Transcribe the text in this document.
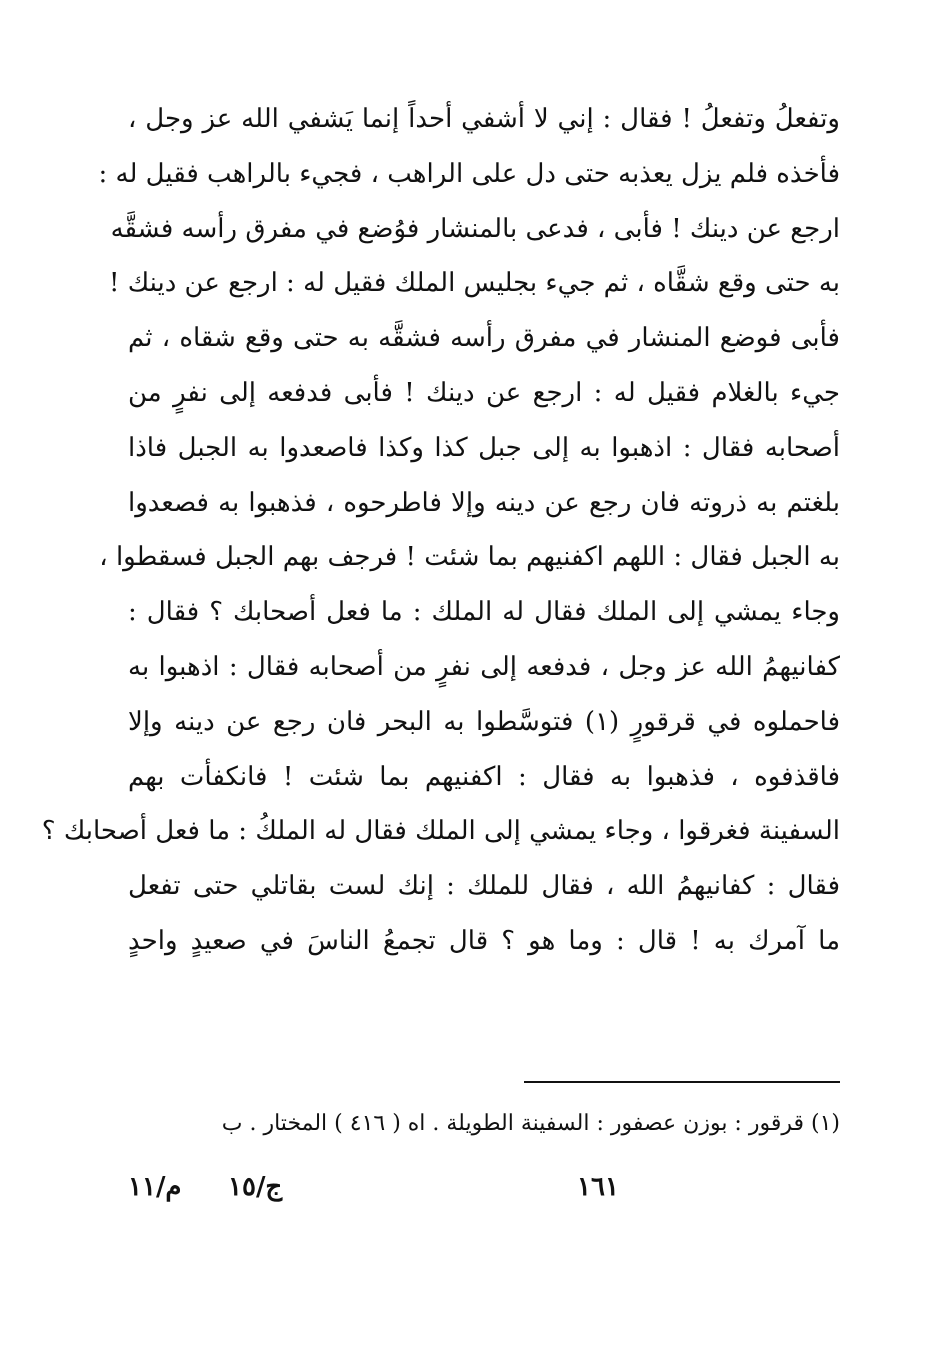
وتفعلُ وتفعلُ ! فقال : إني لا أشفي أحداً إنما يَشفي الله عز وجل ،
فأخذه فلم يزل يعذبه حتى دل على الراهب ، فجيء بالراهب فقيل له :
ارجع عن دينك ! فأبى ، فدعى بالمنشار فوُضع في مفرق رأسه فشقَّه
به حتى وقع شقَّاه ، ثم جيء بجليس الملك فقيل له : ارجع عن دينك !
فأبى فوضع المنشار في مفرق رأسه فشقَّه به حتى وقع شقاه ، ثم
جيء بالغلام فقيل له : ارجع عن دينك ! فأبى فدفعه إلى نفرٍ من
أصحابه فقال : اذهبوا به إلى جبل كذا وكذا فاصعدوا به الجبل فاذا
بلغتم به ذروته فان رجع عن دينه وإلا فاطرحوه ، فذهبوا به فصعدوا
به الجبل فقال : اللهم اكفنيهم بما شئت ! فرجف بهم الجبل فسقطوا ،
وجاء يمشي إلى الملك فقال له الملك : ما فعل أصحابك ؟ فقال :
كفانيهمُ الله عز وجل ، فدفعه إلى نفرٍ من أصحابه فقال : اذهبوا به
فاحملوه في قرقورٍ (١) فتوسَّطوا به البحر فان رجع عن دينه وإلا
فاقذفوه ، فذهبوا به فقال : اكفنيهم بما شئت ! فانكفأت بهم
السفينة فغرقوا ، وجاء يمشي إلى الملك فقال له الملكُ : ما فعل أصحابك ؟
فقال : كفانيهمُ الله ، فقال للملك : إنك لست بقاتلي حتى تفعل
ما آمرك به ! قال : وما هو ؟ قال تجمعُ الناسَ في صعيدٍ واحدٍ
(١) قرقور : بوزن عصفور : السفينة الطويلة . اه ( ٤١٦ ) المختار . ب
م/١١ ج/١٥	١٦١
